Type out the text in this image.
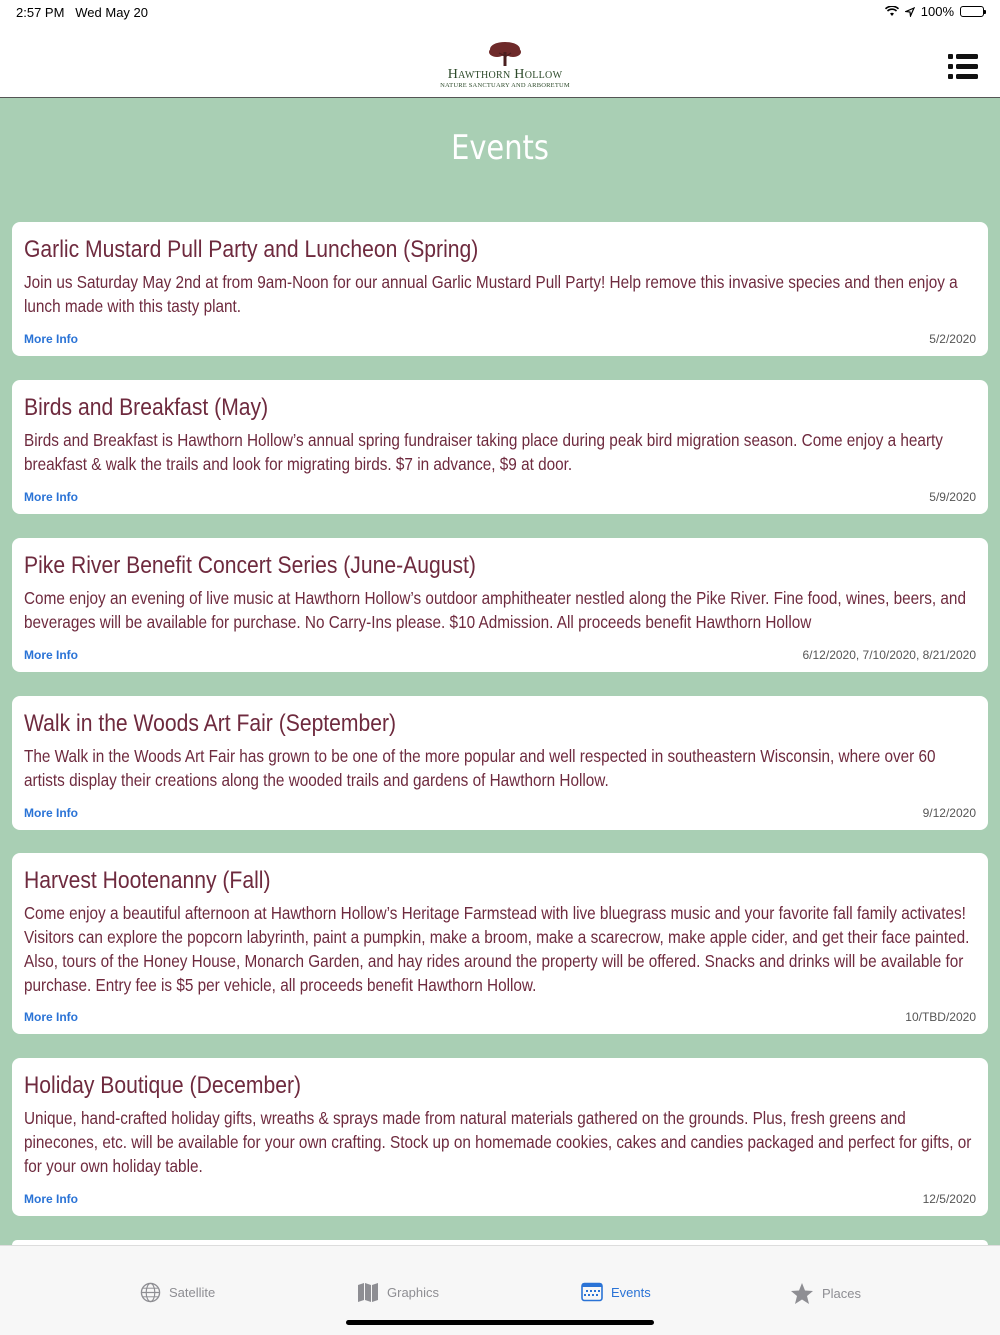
2:57 PM Wed May 20	100%
Hawthorn Hollow
NATURE SANCTUARY AND ARBORETUM
Events
Garlic Mustard Pull Party and Luncheon (Spring)
Join us Saturday May 2nd at from 9am-Noon for our annual Garlic Mustard Pull Party! Help remove this invasive species and then enjoy a lunch made with this tasty plant.
More Info	5/2/2020
Birds and Breakfast (May)
Birds and Breakfast is Hawthorn Hollow’s annual spring fundraiser taking place during peak bird migration season. Come enjoy a hearty breakfast & walk the trails and look for migrating birds. $7 in advance, $9 at door.
More Info	5/9/2020
Pike River Benefit Concert Series (June-August)
Come enjoy an evening of live music at Hawthorn Hollow’s outdoor amphitheater nestled along the Pike River. Fine food, wines, beers, and beverages will be available for purchase. No Carry-Ins please. $10 Admission. All proceeds benefit Hawthorn Hollow
More Info	6/12/2020, 7/10/2020, 8/21/2020
Walk in the Woods Art Fair (September)
The Walk in the Woods Art Fair has grown to be one of the more popular and well respected in southeastern Wisconsin, where over 60 artists display their creations along the wooded trails and gardens of Hawthorn Hollow.
More Info	9/12/2020
Harvest Hootenanny (Fall)
Come enjoy a beautiful afternoon at Hawthorn Hollow’s Heritage Farmstead with live bluegrass music and your favorite fall family activates! Visitors can explore the popcorn labyrinth, paint a pumpkin, make a broom, make a scarecrow, make apple cider, and get their face painted. Also, tours of the Honey House, Monarch Garden, and hay rides around the property will be offered. Snacks and drinks will be available for purchase. Entry fee is $5 per vehicle, all proceeds benefit Hawthorn Hollow.
More Info	10/TBD/2020
Holiday Boutique (December)
Unique, hand-crafted holiday gifts, wreaths & sprays made from natural materials gathered on the grounds. Plus, fresh greens and pinecones, etc. will be available for your own crafting. Stock up on homemade cookies, cakes and candies packaged and perfect for gifts, or for your own holiday table.
More Info	12/5/2020
Satellite	Graphics	Events	Places
